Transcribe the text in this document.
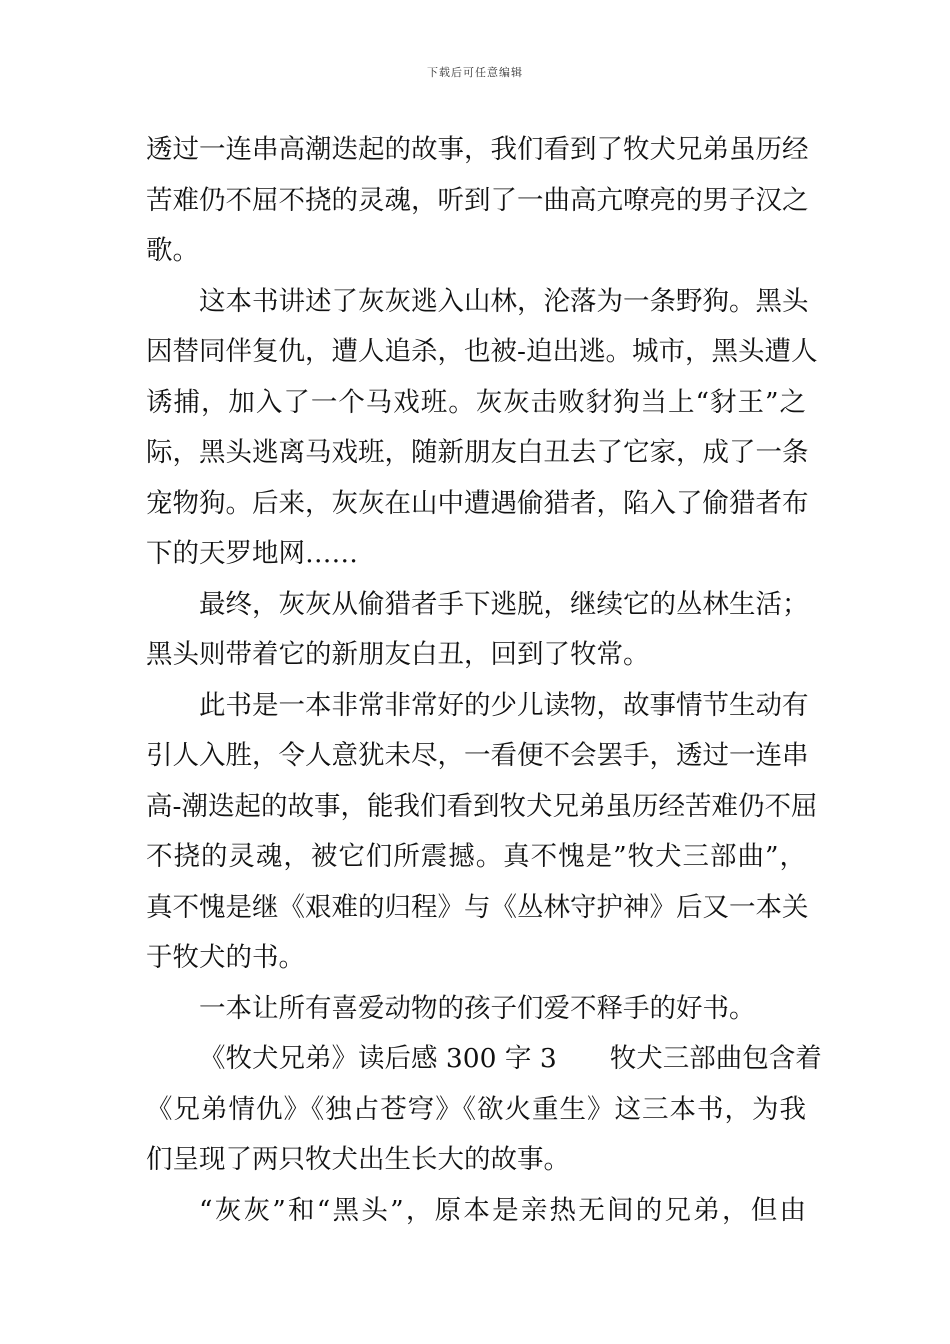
下载后可任意编辑
透过一连串高潮迭起的故事，我们看到了牧犬兄弟虽历经
苦难仍不屈不挠的灵魂，听到了一曲高亢嘹亮的男子汉之
歌。
这本书讲述了灰灰逃入山林，沦落为一条野狗。黑头
因替同伴复仇，遭人追杀，也被-迫出逃。城市，黑头遭人
诱捕，加入了一个马戏班。灰灰击败豺狗当上“豺王”之
际，黑头逃离马戏班，随新朋友白丑去了它家，成了一条
宠物狗。后来，灰灰在山中遭遇偷猎者，陷入了偷猎者布
下的天罗地网……
最终，灰灰从偷猎者手下逃脱，继续它的丛林生活；
黑头则带着它的新朋友白丑，回到了牧常。
此书是一本非常非常好的少儿读物，故事情节生动有
引人入胜，令人意犹未尽，一看便不会罢手，透过一连串
高-潮迭起的故事，能我们看到牧犬兄弟虽历经苦难仍不屈
不挠的灵魂，被它们所震撼。真不愧是”牧犬三部曲”，
真不愧是继《艰难的归程》与《丛林守护神》后又一本关
于牧犬的书。
一本让所有喜爱动物的孩子们爱不释手的好书。
《牧犬兄弟》读后感 300 字 3　　牧犬三部曲包含着
《兄弟情仇》《独占苍穹》《欲火重生》这三本书，为我
们呈现了两只牧犬出生长大的故事。
“灰灰”和“黑头”，原本是亲热无间的兄弟，但由
